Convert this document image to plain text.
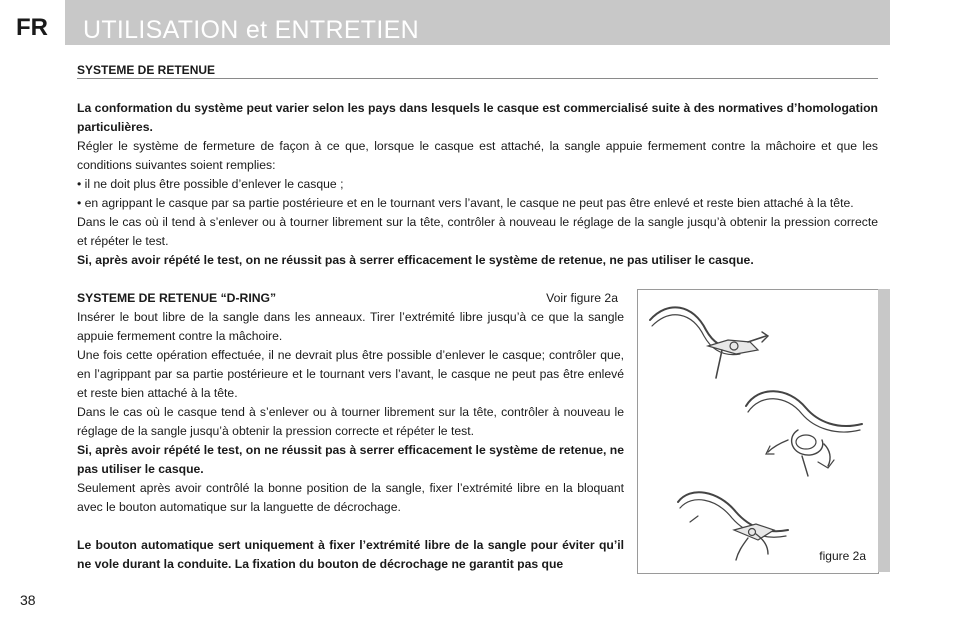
FR UTILISATION et ENTRETIEN
SYSTEME DE RETENUE

La conformation du système peut varier selon les pays dans lesquels le casque est commercialisé suite à des normatives d’homologation particulières.

Régler le système de fermeture de façon à ce que, lorsque le casque est attaché, la sangle appuie fermement contre la mâchoire et que les conditions suivantes soient remplies:

• il ne doit plus être possible d’enlever le casque ;

• en agrippant le casque par sa partie postérieure et en le tournant vers l’avant, le casque ne peut pas être enlevé et reste bien attaché à la tête.

Dans le cas où il tend à s’enlever ou à tourner librement sur la tête, contrôler à nouveau le réglage de la sangle jusqu’à obtenir la pression correcte et répéter le test.

Si, après avoir répété le test, on ne réussit pas à serrer efficacement le système de retenue, ne pas utiliser le casque.

SYSTEME DE RETENUE “D-RING”	Voir figure 2a

Insérer le bout libre de la sangle dans les anneaux. Tirer l’extrémité libre jusqu’à ce que la sangle appuie fermement contre la mâchoire.

Une fois cette opération effectuée, il ne devrait plus être possible d’enlever le casque; contrôler que, en l’agrippant par sa partie postérieure et le tournant vers l’avant, le casque ne peut pas être enlevé et reste bien attaché à la tête.

Dans le cas où le casque tend à s’enlever ou à tourner librement sur la tête, contrôler à nouveau le réglage de la sangle jusqu’à obtenir la pression correcte et répéter le test.

Si, après avoir répété le test, on ne réussit pas à serrer efficacement le système de retenue, ne pas utiliser le casque.

Seulement après avoir contrôlé la bonne position de la sangle, fixer l’extrémité libre en la bloquant avec le bouton automatique sur la languette de décrochage.

Le bouton automatique sert uniquement à fixer l’extrémité libre de la sangle pour éviter qu’il ne vole durant la conduite. La fixation du bouton de décrochage ne garantit pas que

figure 2a
38
